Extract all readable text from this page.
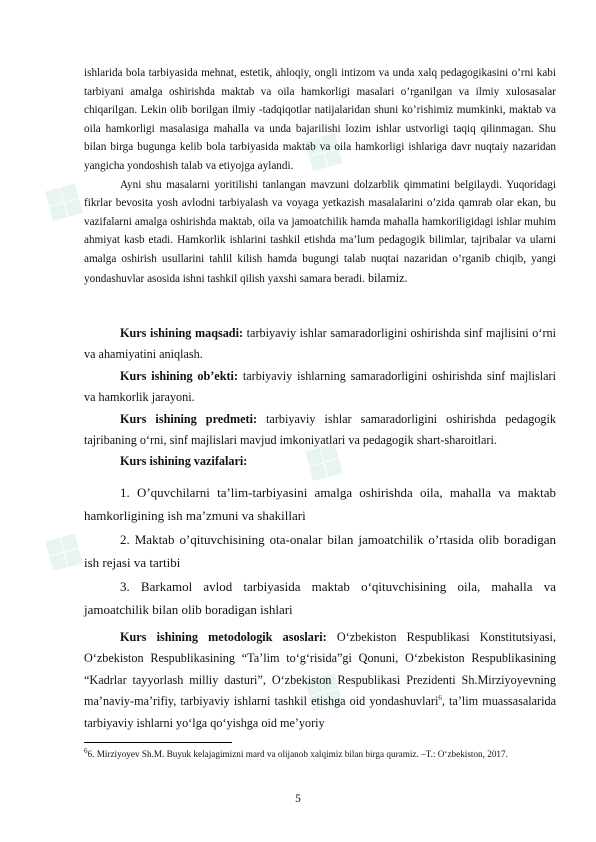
❖
❖
❖
❖
❖

ishlarida bola tarbiyasida mehnat, estetik, ahloqiy, ongli intizom va unda xalq pedagogikasini o’rni kabi tarbiyani amalga oshirishda maktab va oila hamkorligi masalari o’rganilgan va ilmiy xulosasalar chiqarilgan. Lekin olib borilgan ilmiy -tadqiqotlar natijalaridan shuni ko’rishimiz mumkinki, maktab va oila hamkorligi masalasiga mahalla va unda bajarilishi lozim ishlar ustvorligi taqiq qilinmagan. Shu bilan birga bugunga kelib bola tarbiyasida maktab va oila hamkorligi ishlariga davr nuqtaiy nazaridan yangicha yondoshish talab va etiyojga aylandi.

Ayni shu masalarni yoritilishi tanlangan mavzuni dolzarblik qimmatini belgilaydi. Yuqoridagi fikrlar bevosita yosh avlodni tarbiyalash va voyaga yetkazish masalalarini o’zida qamrab olar ekan, bu vazifalarni amalga oshirishda maktab, oila va jamoatchilik hamda mahalla hamkoriligidagi ishlar muhim ahmiyat kasb etadi. Hamkorlik ishlarini tashkil etishda ma’lum pedagogik bilimlar, tajribalar va ularni amalga oshirish usullarini tahlil kilish hamda bugungi talab nuqtai nazaridan o’rganib chiqib, yangi yondashuvlar asosida ishni tashkil qilish yaxshi samara beradi. bilamiz.

Kurs ishining maqsadi: tarbiyaviy ishlar samaradorligini oshirishda sinf majlisini o‘rni va ahamiyatini aniqlash.

Kurs ishining ob’ekti: tarbiyaviy ishlarning samaradorligini oshirishda sinf majlislari va hamkorlik jarayoni.

Kurs ishining predmeti: tarbiyaviy ishlar samaradorligini oshirishda pedagogik tajribaning o‘rni, sinf majlislari mavjud imkoniyatlari va pedagogik shart-sharoitlari.

Kurs ishining vazifalari:

1. O’quvchilarni ta’lim-tarbiyasini amalga oshirishda oila, mahalla va maktab hamkorligining ish ma’zmuni va shakillari

2. Maktab o’qituvchisining ota-onalar bilan jamoatchilik o’rtasida olib boradigan ish rejasi va tartibi

3. Barkamol avlod tarbiyasida maktab o‘qituvchisining oila, mahalla va jamoatchilik bilan olib boradigan ishlari

Kurs ishining metodologik asoslari: O‘zbekiston Respublikasi Konstitutsiyasi, O‘zbekiston Respublikasining “Ta’lim to‘g‘risida”gi Qonuni, O‘zbekiston Respublikasining “Kadrlar tayyorlash milliy dasturi”, O‘zbekiston Respublikasi Prezidenti Sh.Mirziyoyevning ma’naviy-ma’rifiy, tarbiyaviy ishlarni tashkil etishga oid yondashuvlari$^6$, ta’lim muassasalarida tarbiyaviy ishlarni yo‘lga qo‘yishga oid me’yoriy

$^6$6. Mirziyoyev Sh.M. Buyuk kelajagimizni mard va olijanob xalqimiz bilan birga quramiz. –T.: O‘zbekiston, 2017.
5
